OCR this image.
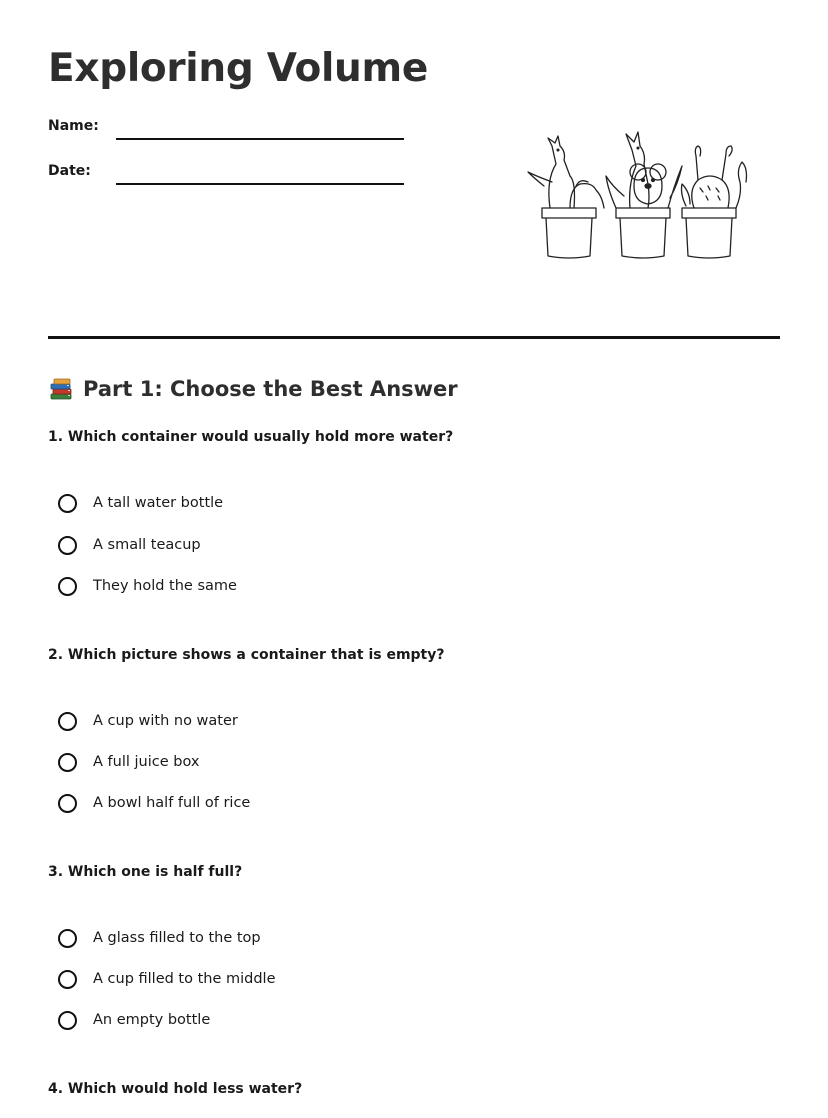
Exploring Volume
Name:
Date:
Part 1: Choose the Best Answer
1. Which container would usually hold more water?
A tall water bottle
A small teacup
They hold the same
2. Which picture shows a container that is empty?
A cup with no water
A full juice box
A bowl half full of rice
3. Which one is half full?
A glass filled to the top
A cup filled to the middle
An empty bottle
4. Which would hold less water?
